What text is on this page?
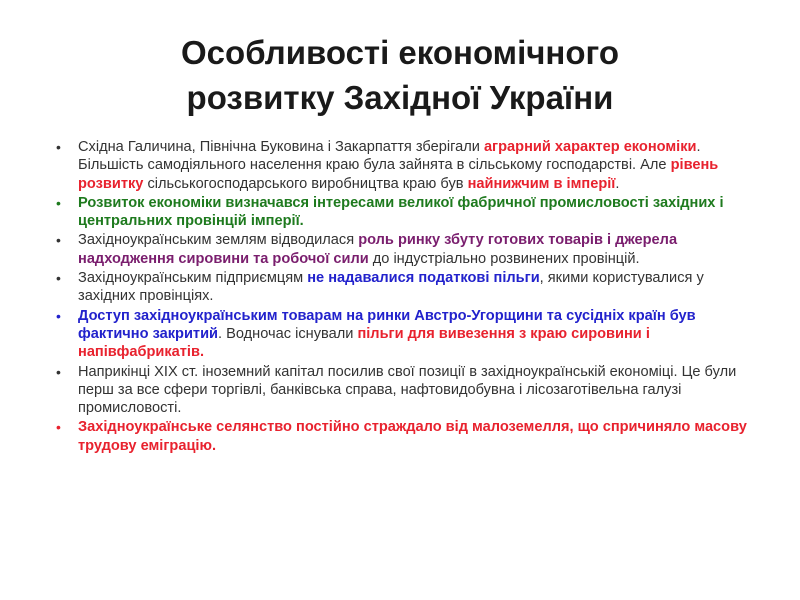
Особливості економічного
розвитку Західної України
• Східна Галичина, Північна Буковина і Закарпаття зберігали аграрний характер економіки. Більшість самодіяльного населення краю була зайнята в сільському господарстві. Але рівень розвитку сільськогосподарського виробництва краю був найнижчим в імперії.
• Розвиток економіки визначався інтересами великої фабричної промисловості західних і центральних провінцій імперії.
• Західноукраїнським землям відводилася роль ринку збуту готових товарів і джерела надходження сировини та робочої сили до індустріально розвинених провінцій.
• Західноукраїнським підприємцям не надавалися податкові пільги, якими користувалися у західних провінціях.
• Доступ західноукраїнським товарам на ринки Австро-Угорщини та сусідніх країн був фактично закритий. Водночас існували пільги для вивезення з краю сировини і напівфабрикатів.
• Наприкінці XIX ст. іноземний капітал посилив свої позиції в західноукраїнській економіці. Це були перш за все сфери торгівлі, банківська справа, нафтовидобувна і лісозаготівельна галузі промисловості.
• Західноукраїнське селянство постійно страждало від малоземелля, що спричиняло масову трудову еміграцію.
